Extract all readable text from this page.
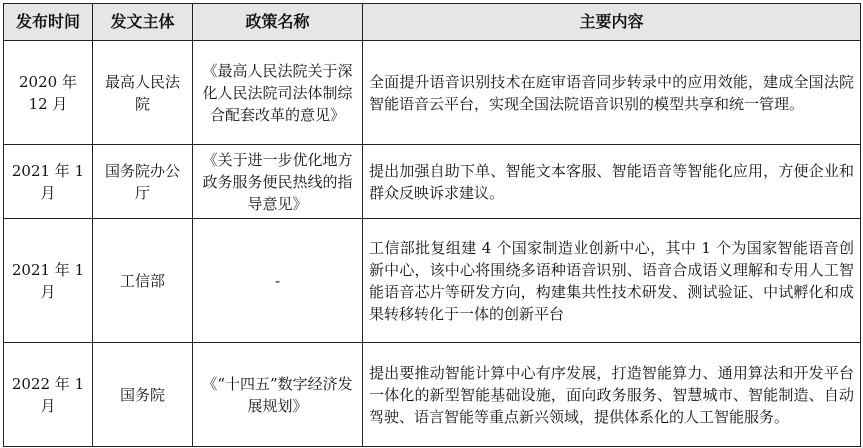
发布时间	发文主体	政策名称	主要内容
2020 年 12 月	最高人民法院	《最高人民法院关于深化人民法院司法体制综合配套改革的意见》	全面提升语音识别技术在庭审语音同步转录中的应用效能，建成全国法院智能语音云平台，实现全国法院语音识别的模型共享和统一管理。
2021 年 1 月	国务院办公厅	《关于进一步优化地方政务服务便民热线的指导意见》	提出加强自助下单、智能文本客服、智能语音等智能化应用，方便企业和群众反映诉求建议。
2021 年 1 月	工信部	-	工信部批复组建 4 个国家制造业创新中心，其中 1 个为国家智能语音创新中心，该中心将围绕多语种语音识别、语音合成语义理解和专用人工智能语音芯片等研发方向，构建集共性技术研发、测试验证、中试孵化和成果转移转化于一体的创新平台
2022 年 1 月	国务院	《“十四五”数字经济发展规划》	提出要推动智能计算中心有序发展，打造智能算力、通用算法和开发平台一体化的新型智能基础设施，面向政务服务、智慧城市、智能制造、自动驾驶、语言智能等重点新兴领域，提供体系化的人工智能服务。
